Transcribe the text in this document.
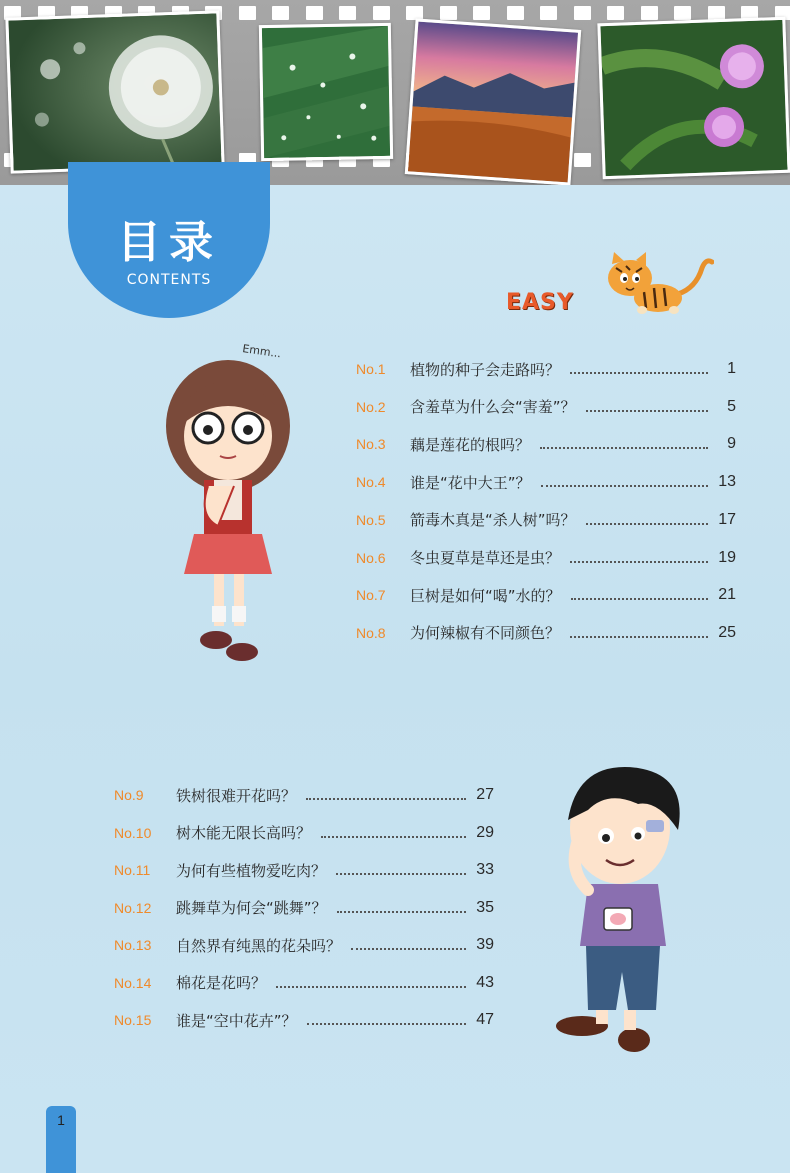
目录
CONTENTS
EASY
Emm...
No.1	植物的种子会走路吗？	1
No.2	含羞草为什么会“害羞”？	5
No.3	藕是莲花的根吗？	9
No.4	谁是“花中大王”？	13
No.5	箭毒木真是“杀人树”吗？	17
No.6	冬虫夏草是草还是虫？	19
No.7	巨树是如何“喝”水的？	21
No.8	为何辣椒有不同颜色？	25
No.9	铁树很难开花吗？	27
No.10	树木能无限长高吗？	29
No.11	为何有些植物爱吃肉？	33
No.12	跳舞草为何会“跳舞”？	35
No.13	自然界有纯黑的花朵吗？	39
No.14	棉花是花吗？	43
No.15	谁是“空中花卉”？	47
1
